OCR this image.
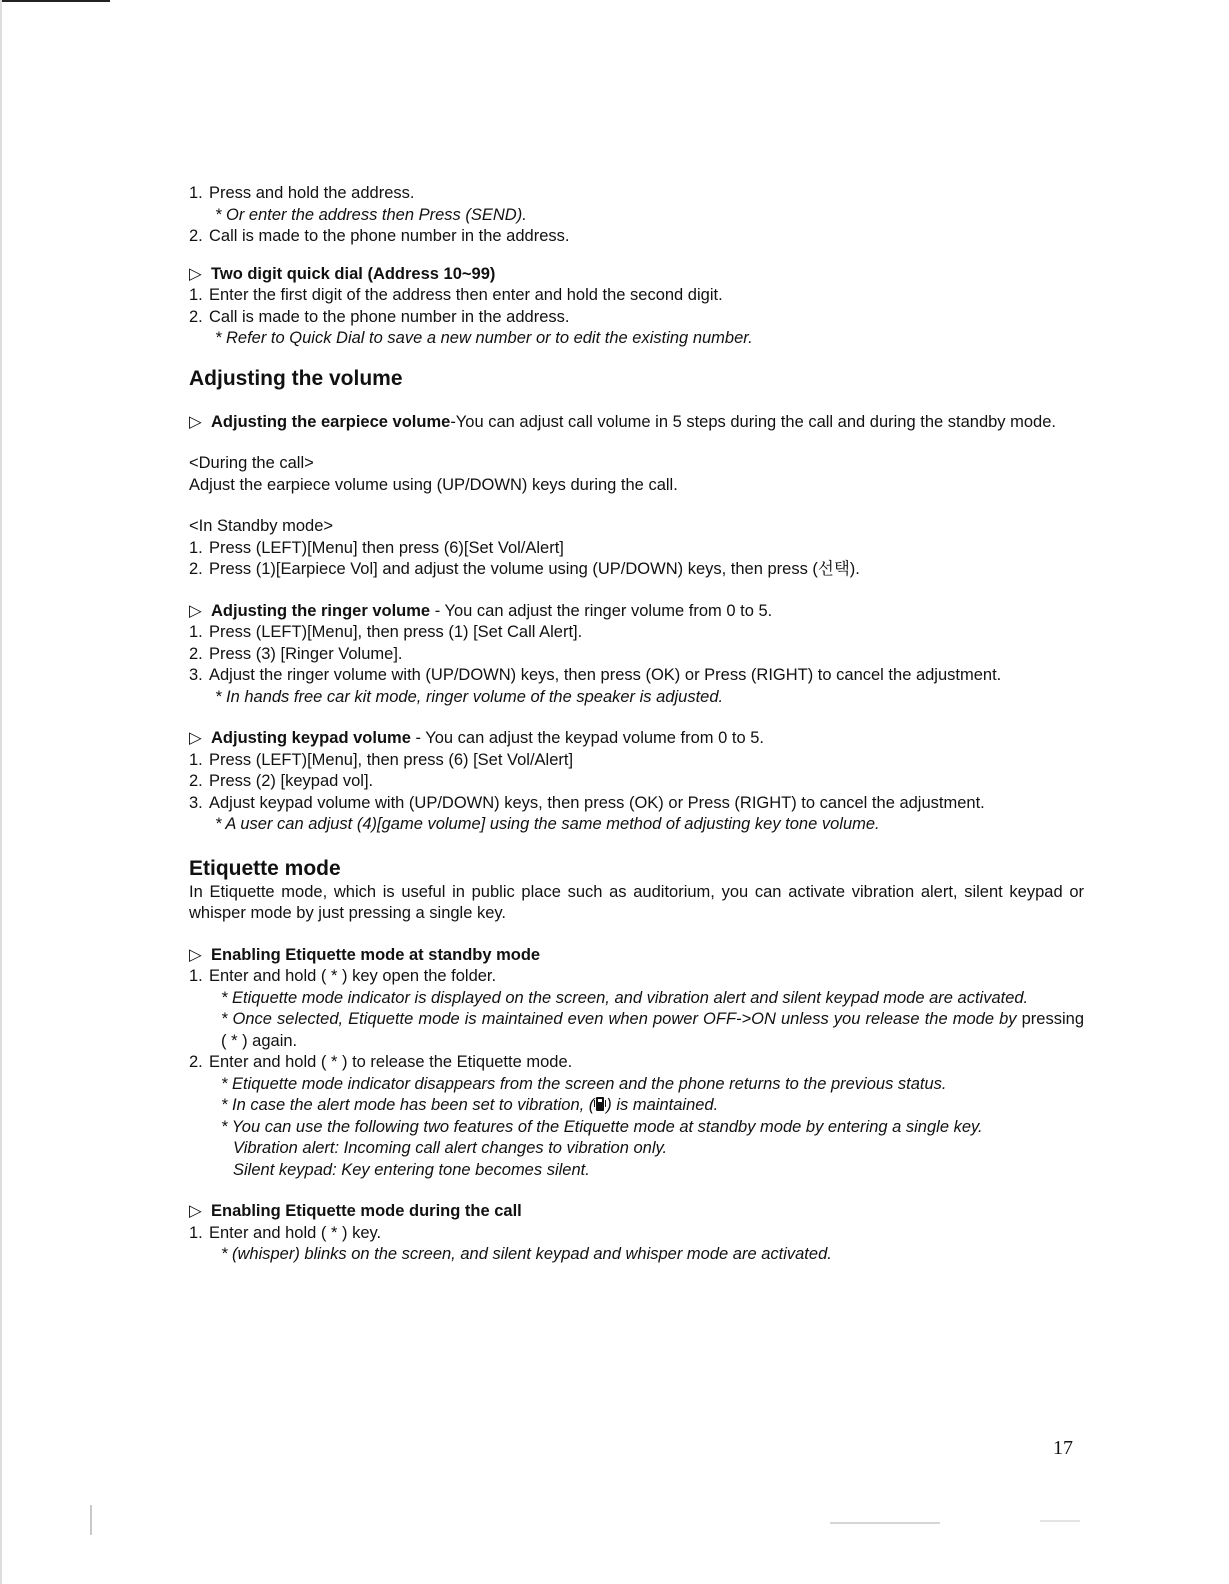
1. Press and hold the address.

* Or enter the address then Press (SEND).

2. Call is made to the phone number in the address.

▷ Two digit quick dial (Address 10~99)

1. Enter the first digit of the address then enter and hold the second digit.

2. Call is made to the phone number in the address.

* Refer to Quick Dial to save a new number or to edit the existing number.

Adjusting the volume

▷ Adjusting the earpiece volume-You can adjust call volume in 5 steps during the call and during the standby mode.

<During the call>

Adjust the earpiece volume using (UP/DOWN) keys during the call.

<In Standby mode>

1. Press (LEFT)[Menu] then press (6)[Set Vol/Alert]

2. Press (1)[Earpiece Vol] and adjust the volume using (UP/DOWN) keys, then press (선택).

▷ Adjusting the ringer volume - You can adjust the ringer volume from 0 to 5.

1. Press (LEFT)[Menu], then press (1) [Set Call Alert].

2. Press (3) [Ringer Volume].

3. Adjust the ringer volume with (UP/DOWN) keys, then press (OK) or Press (RIGHT) to cancel the adjustment.

* In hands free car kit mode, ringer volume of the speaker is adjusted.

▷ Adjusting keypad volume - You can adjust the keypad volume from 0 to 5.

1. Press (LEFT)[Menu], then press (6) [Set Vol/Alert]

2. Press (2) [keypad vol].

3. Adjust keypad volume with (UP/DOWN) keys, then press (OK) or Press (RIGHT) to cancel the adjustment.

* A user can adjust (4)[game volume] using the same method of adjusting key tone volume.

Etiquette mode

In Etiquette mode, which is useful in public place such as auditorium, you can activate vibration alert, silent keypad or whisper mode by just pressing a single key.

▷ Enabling Etiquette mode at standby mode

1. Enter and hold ( * ) key open the folder.

* Etiquette mode indicator is displayed on the screen, and vibration alert and silent keypad mode are activated.

* Once selected, Etiquette mode is maintained even when power OFF->ON unless you release the mode by pressing ( * ) again.

2. Enter and hold ( * ) to release the Etiquette mode.

* Etiquette mode indicator disappears from the screen and the phone returns to the previous status.

* In case the alert mode has been set to vibration, ( ) is maintained.

* You can use the following two features of the Etiquette mode at standby mode by entering a single key.

Vibration alert: Incoming call alert changes to vibration only.

Silent keypad: Key entering tone becomes silent.

▷ Enabling Etiquette mode during the call

1. Enter and hold ( * ) key.

* (whisper) blinks on the screen, and silent keypad and whisper mode are activated.

17
